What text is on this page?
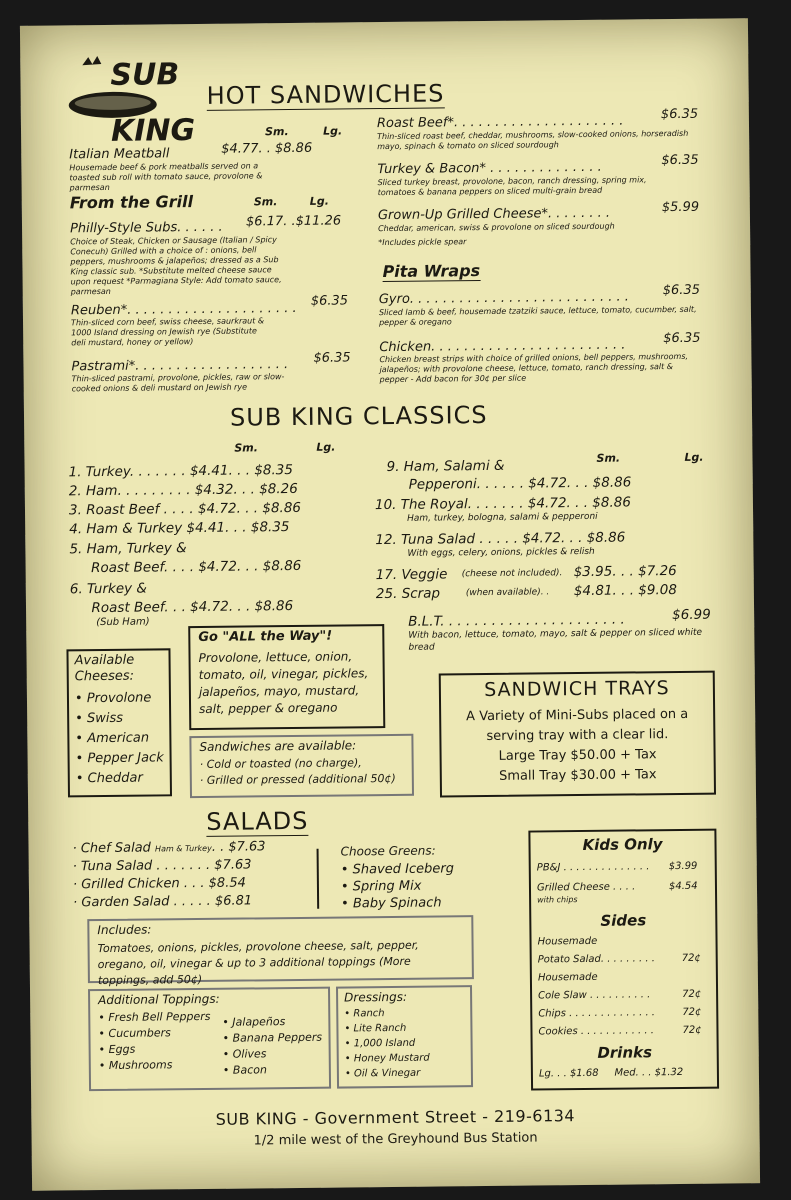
SUB
KING
HOT SANDWICHES
Sm.	Lg.
Italian Meatball	$4.77. . $8.86
Housemade beef & pork meatballs served on a toasted sub roll with tomato sauce, provolone & parmesan
From the Grill	Sm.	Lg.
Philly-Style Subs. . . . . . $6.17. .$11.26
Choice of Steak, Chicken or Sausage (Italian / Spicy Conecuh) Grilled with a choice of : onions, bell peppers, mushrooms & jalapeños; dressed as a Sub King classic sub. *Substitute melted cheese sauce upon request *Parmagiana Style: Add tomato sauce, parmesan
Reuben*. . . . . . . . . . . . . . . . . . . . . $6.35
Thin-sliced corn beef, swiss cheese, saurkraut & 1000 Island dressing on Jewish rye (Substitute deli mustard, honey or yellow)
Pastrami*. . . . . . . . . . . . . . . . . . . $6.35
Thin-sliced pastrami, provolone, pickles, raw or slow-cooked onions & deli mustard on Jewish rye
Roast Beef*. . . . . . . . . . . . . . . . . . . . .	$6.35
Thin-sliced roast beef, cheddar, mushrooms, slow-cooked onions, horseradish mayo, spinach & tomato on sliced sourdough
Turkey & Bacon* . . . . . . . . . . . . . .	$6.35
Sliced turkey breast, provolone, bacon, ranch dressing, spring mix, tomatoes & banana peppers on sliced multi-grain bread
Grown-Up Grilled Cheese*. . . . . . . .	$5.99
Cheddar, american, swiss & provolone on sliced sourdough
*Includes pickle spear
Pita Wraps
Gyro. . . . . . . . . . . . . . . . . . . . . . . . . . .	$6.35
Sliced lamb & beef, housemade tzatziki sauce, lettuce, tomato, cucumber, salt, pepper & oregano
Chicken. . . . . . . . . . . . . . . . . . . . . . . .	$6.35
Chicken breast strips with choice of grilled onions, bell peppers, mushrooms, jalapeños; with provolone cheese, lettuce, tomato, ranch dressing, salt & pepper - Add bacon for 30¢ per slice
SUB KING CLASSICS
Sm.	Lg.
1. Turkey. . . . . . . $4.41. . . $8.35
2. Ham. . . . . . . . . $4.32. . . $8.26
3. Roast Beef . . . . $4.72. . . $8.86
4. Ham & Turkey $4.41. . . $8.35
5. Ham, Turkey &
Roast Beef. . . . $4.72. . . $8.86
6. Turkey &
Roast Beef. . . $4.72. . . $8.86
(Sub Ham)
9. Ham, Salami &	Sm.	Lg.
Pepperoni. . . . . . $4.72. . . $8.86
10. The Royal. . . . . . . $4.72. . . $8.86
Ham, turkey, bologna, salami & pepperoni
12. Tuna Salad . . . . . $4.72. . . $8.86
With eggs, celery, onions, pickles & relish
17. Veggie (cheese not included). $3.95. . . $7.26
25. Scrap	(when available). . $4.81. . . $9.08
B.L.T. . . . . . . . . . . . . . . . . . . . . .	$6.99
With bacon, lettuce, tomato, mayo, salt & pepper on sliced white bread
Available Cheeses:
• Provolone
• Swiss
• American
• Pepper Jack
• Cheddar
Go "ALL the Way"!
Provolone, lettuce, onion, tomato, oil, vinegar, pickles, jalapeños, mayo, mustard, salt, pepper & oregano
Sandwiches are available:
· Cold or toasted (no charge),
· Grilled or pressed (additional 50¢)
SANDWICH TRAYS
A Variety of Mini-Subs placed on a
serving tray with a clear lid.
Large Tray $50.00 + Tax
Small Tray $30.00 + Tax
SALADS
· Chef Salad Ham & Turkey. . $7.63
· Tuna Salad . . . . . . . $7.63
· Grilled Chicken . . . $8.54
· Garden Salad . . . . . $6.81
Choose Greens:
• Shaved Iceberg
• Spring Mix
• Baby Spinach
Includes:
Tomatoes, onions, pickles, provolone cheese, salt, pepper, oregano, oil, vinegar & up to 3 additional toppings (More toppings, add 50¢)
Additional Toppings:
• Fresh Bell Peppers
• Cucumbers
• Eggs
• Mushrooms
• Jalapeños
• Banana Peppers
• Olives
• Bacon
Dressings:
• Ranch
• Lite Ranch
• 1,000 Island
• Honey Mustard
• Oil & Vinegar
Kids Only
PB&J . . . . . . . . . . . . . . $3.99
Grilled Cheese . . . .	$4.54
with chips
Sides
Housemade
Potato Salad. . . . . . . . .	72¢
Housemade
Cole Slaw . . . . . . . . . .	72¢
Chips . . . . . . . . . . . . . .	72¢
Cookies . . . . . . . . . . . .	72¢
Drinks
Lg. . . $1.68     Med. . . $1.32
SUB KING - Government Street - 219-6134
1/2 mile west of the Greyhound Bus Station
